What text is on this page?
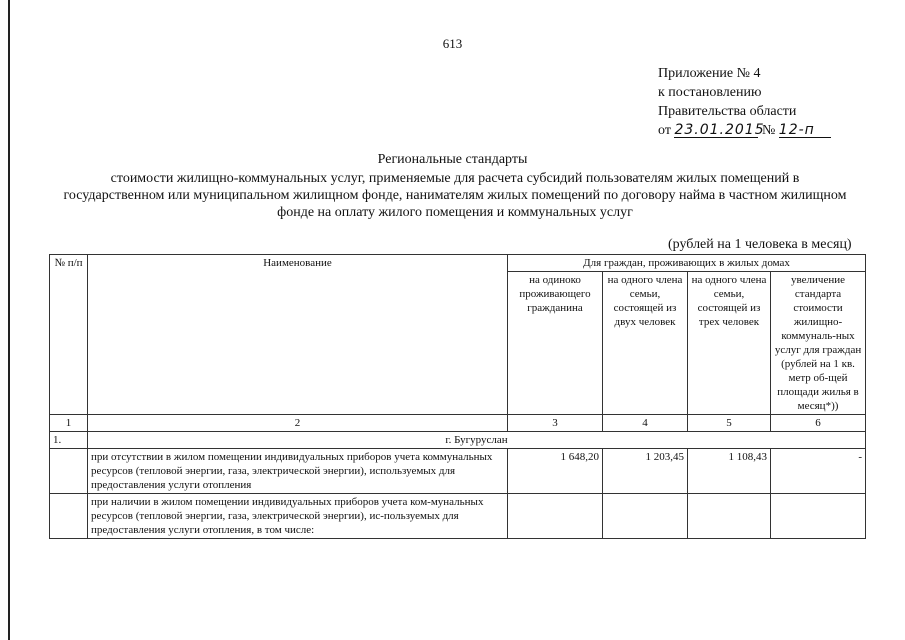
613
Приложение № 4
к постановлению
Правительства области
от 23.01.2015 № 12-п
Региональные стандарты
стоимости жилищно-коммунальных услуг, применяемые для расчета субсидий пользователям жилых помещений в государственном или муниципальном жилищном фонде, нанимателям жилых помещений по договору найма в частном жилищном фонде на оплату жилого помещения и коммунальных услуг
(рублей на 1 человека в месяц)
№ п/п	Наименование	Для граждан, проживающих в жилых домах			
		на одиноко проживающего гражданина	на одного члена семьи, состоящей из двух человек	на одного члена семьи, состоящей из трех человек	увеличение стандарта стоимости жилищно-коммуналь-ных услуг для граждан (рублей на 1 кв. метр об-щей площади жилья в месяц*))
1	2	3	4	5	6
1.	г. Бугуруслан				
	при отсутствии в жилом помещении индивидуальных приборов учета коммунальных ресурсов (тепловой энергии, газа, электрической энергии), используемых для предоставления услуги отопления	1 648,20	1 203,45	1 108,43	-
	при наличии в жилом помещении индивидуальных приборов учета ком-мунальных ресурсов (тепловой энергии, газа, электрической энергии), ис-пользуемых для предоставления услуги отопления, в том числе:				
